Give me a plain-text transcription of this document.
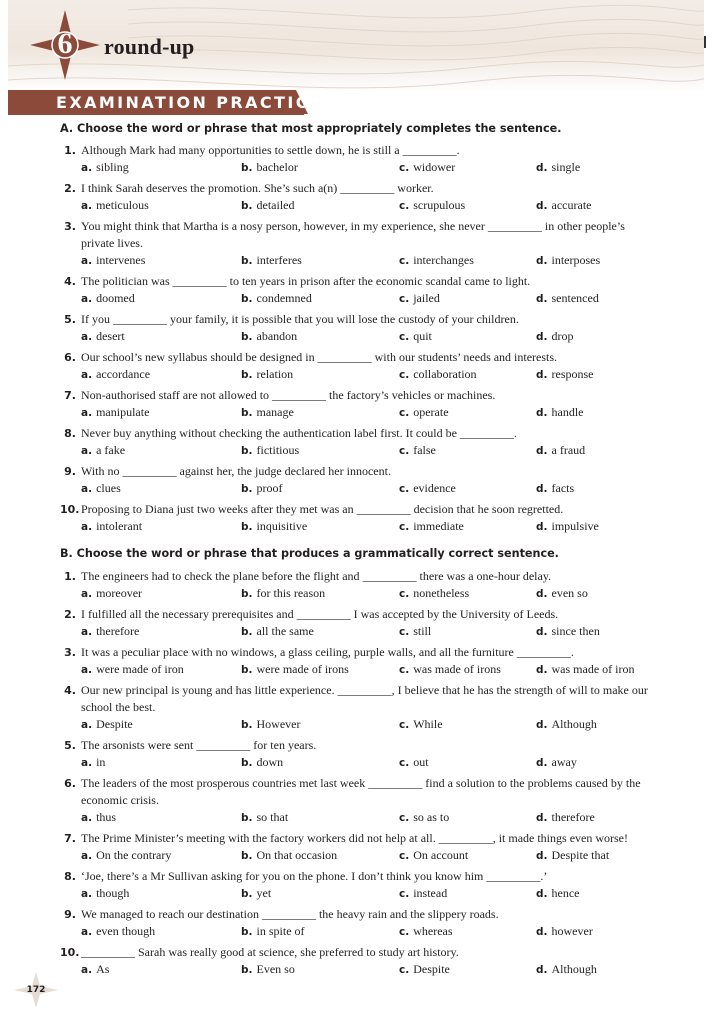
6	round-up
EXAMINATION PRACTICE
A. Choose the word or phrase that most appropriately completes the sentence.
1. Although Mark had many opportunities to settle down, he is still a _________.
a. sibling	b. bachelor	c. widower	d. single
2. I think Sarah deserves the promotion. She’s such a(n) _________ worker.
a. meticulous	b. detailed	c. scrupulous	d. accurate
3. You might think that Martha is a nosy person, however, in my experience, she never _________ in other people’s private lives.
a. intervenes	b. interferes	c. interchanges	d. interposes
4. The politician was _________ to ten years in prison after the economic scandal came to light.
a. doomed	b. condemned	c. jailed	d. sentenced
5. If you _________ your family, it is possible that you will lose the custody of your children.
a. desert	b. abandon	c. quit	d. drop
6. Our school’s new syllabus should be designed in _________ with our students’ needs and interests.
a. accordance	b. relation	c. collaboration	d. response
7. Non-authorised staff are not allowed to _________ the factory’s vehicles or machines.
a. manipulate	b. manage	c. operate	d. handle
8. Never buy anything without checking the authentication label first. It could be _________.
a. a fake	b. fictitious	c. false	d. a fraud
9. With no _________ against her, the judge declared her innocent.
a. clues	b. proof	c. evidence	d. facts
10. Proposing to Diana just two weeks after they met was an _________ decision that he soon regretted.
a. intolerant	b. inquisitive	c. immediate	d. impulsive
B. Choose the word or phrase that produces a grammatically correct sentence.
1. The engineers had to check the plane before the flight and _________ there was a one-hour delay.
a. moreover	b. for this reason	c. nonetheless	d. even so
2. I fulfilled all the necessary prerequisites and _________ I was accepted by the University of Leeds.
a. therefore	b. all the same	c. still	d. since then
3. It was a peculiar place with no windows, a glass ceiling, purple walls, and all the furniture _________.
a. were made of iron	b. were made of irons	c. was made of irons	d. was made of iron
4. Our new principal is young and has little experience. _________, I believe that he has the strength of will to make our school the best.
a. Despite	b. However	c. While	d. Although
5. The arsonists were sent _________ for ten years.
a. in	b. down	c. out	d. away
6. The leaders of the most prosperous countries met last week _________ find a solution to the problems caused by the economic crisis.
a. thus	b. so that	c. so as to	d. therefore
7. The Prime Minister’s meeting with the factory workers did not help at all. _________, it made things even worse!
a. On the contrary	b. On that occasion	c. On account	d. Despite that
8. ‘Joe, there’s a Mr Sullivan asking for you on the phone. I don’t think you know him _________.’
a. though	b. yet	c. instead	d. hence
9. We managed to reach our destination _________ the heavy rain and the slippery roads.
a. even though	b. in spite of	c. whereas	d. however
10. _________ Sarah was really good at science, she preferred to study art history.
a. As	b. Even so	c. Despite	d. Although
172
